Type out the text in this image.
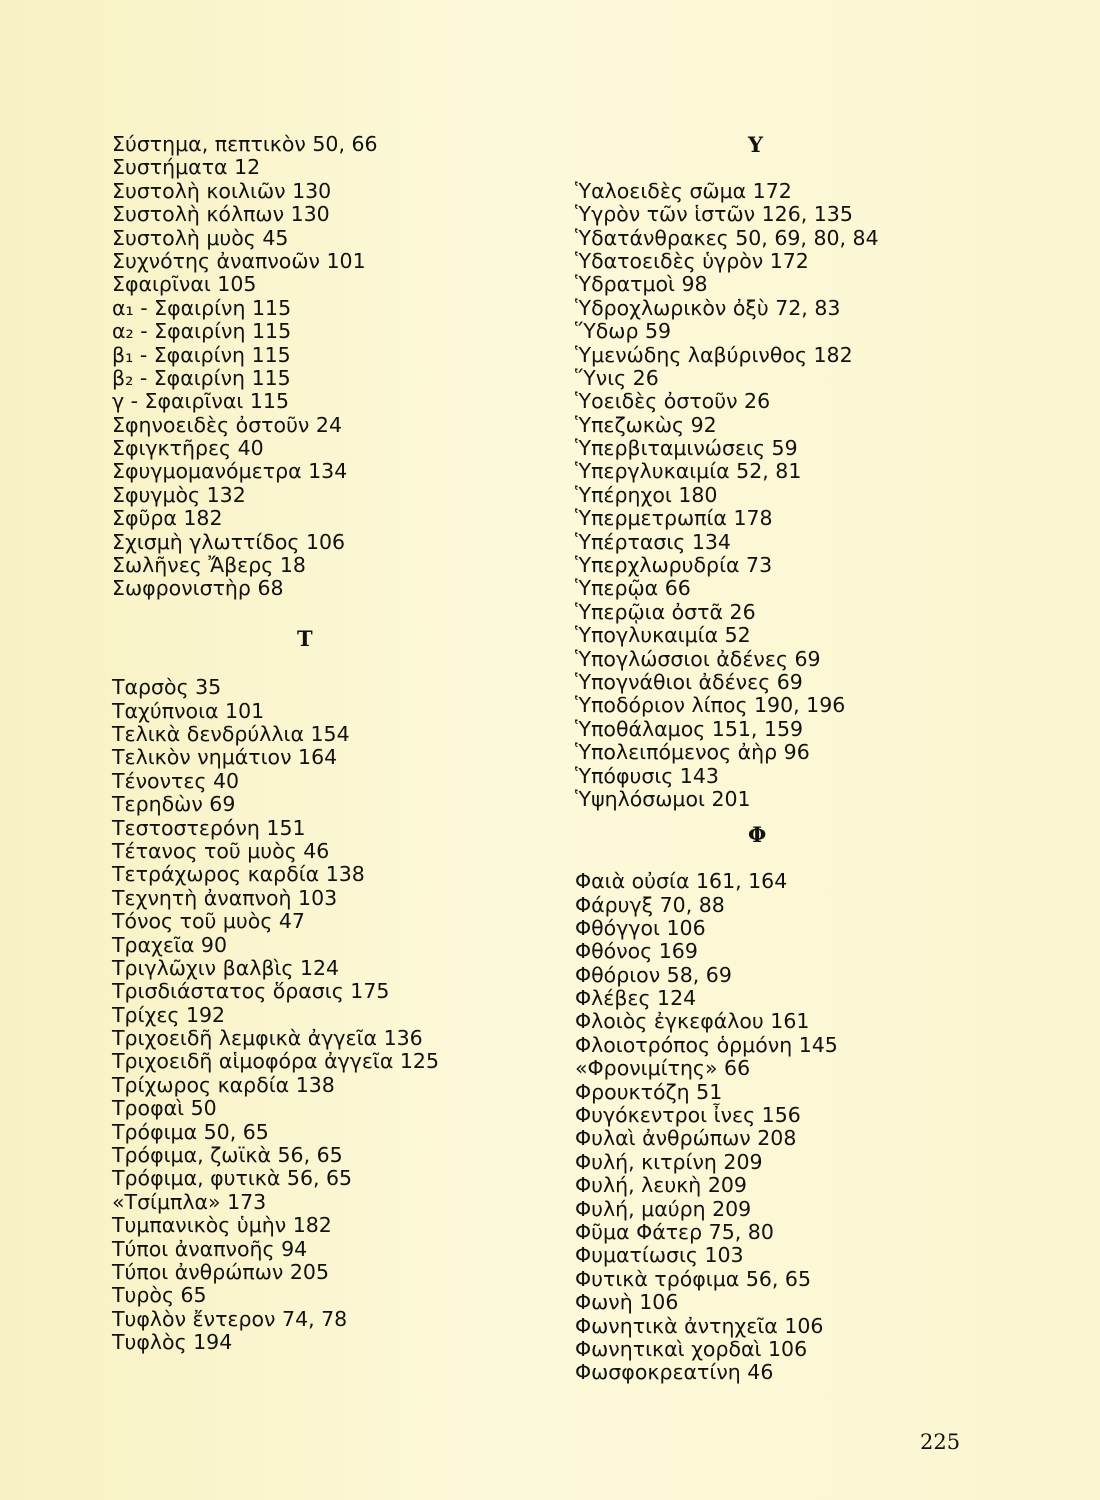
Σύστημα, πεπτικὸν 50, 66
Συστήματα 12
Συστολὴ κοιλιῶν 130
Συστολὴ κόλπων 130
Συστολὴ μυὸς 45
Συχνότης ἀναπνοῶν 101
Σφαιρῖναι 105
α₁ - Σφαιρίνη 115
α₂ - Σφαιρίνη 115
β₁ - Σφαιρίνη 115
β₂ - Σφαιρίνη 115
γ - Σφαιρῖναι 115
Σφηνοειδὲς ὀστοῦν 24
Σφιγκτῆρες 40
Σφυγμομανόμετρα 134
Σφυγμὸς 132
Σφῦρα 182
Σχισμὴ γλωττίδος 106
Σωλῆνες Ἄβερς 18
Σωφρονιστὴρ 68
Τ
Ταρσὸς 35
Ταχύπνοια 101
Τελικὰ δενδρύλλια 154
Τελικὸν νημάτιον 164
Τένοντες 40
Τερηδὼν 69
Τεστοστερόνη 151
Τέτανος τοῦ μυὸς 46
Τετράχωρος καρδία 138
Τεχνητὴ ἀναπνοὴ 103
Τόνος τοῦ μυὸς 47
Τραχεῖα 90
Τριγλῶχιν βαλβὶς 124
Τρισδιάστατος ὅρασις 175
Τρίχες 192
Τριχοειδῆ λεμφικὰ ἀγγεῖα 136
Τριχοειδῆ αἱμοφόρα ἀγγεῖα 125
Τρίχωρος καρδία 138
Τροφαὶ 50
Τρόφιμα 50, 65
Τρόφιμα, ζωϊκὰ 56, 65
Τρόφιμα, φυτικὰ 56, 65
«Τσίμπλα» 173
Τυμπανικὸς ὑμὴν 182
Τύποι ἀναπνοῆς 94
Τύποι ἀνθρώπων 205
Τυρὸς 65
Τυφλὸν ἔντερον 74, 78
Τυφλὸς 194
Υ
Ὑαλοειδὲς σῶμα 172
Ὑγρὸν τῶν ἱστῶν 126, 135
Ὑδατάνθρακες 50, 69, 80, 84
Ὑδατοειδὲς ὑγρὸν 172
Ὑδρατμοὶ 98
Ὑδροχλωρικὸν ὀξὺ 72, 83
Ὕδωρ 59
Ὑμενώδης λαβύρινθος 182
Ὕνις 26
Ὑοειδὲς ὀστοῦν 26
Ὑπεζωκὼς 92
Ὑπερβιταμινώσεις 59
Ὑπεργλυκαιμία 52, 81
Ὑπέρηχοι 180
Ὑπερμετρωπία 178
Ὑπέρτασις 134
Ὑπερχλωρυδρία 73
Ὑπερῷα 66
Ὑπερῷια ὀστᾶ 26
Ὑπογλυκαιμία 52
Ὑπογλώσσιοι ἀδένες 69
Ὑπογνάθιοι ἀδένες 69
Ὑποδόριον λίπος 190, 196
Ὑποθάλαμος 151, 159
Ὑπολειπόμενος ἀὴρ 96
Ὑπόφυσις 143
Ὑψηλόσωμοι 201
Φ
Φαιὰ οὐσία 161, 164
Φάρυγξ 70, 88
Φθόγγοι 106
Φθόνος 169
Φθόριον 58, 69
Φλέβες 124
Φλοιὸς ἐγκεφάλου 161
Φλοιοτρόπος ὁρμόνη 145
«Φρονιμίτης» 66
Φρουκτόζη 51
Φυγόκεντροι ἶνες 156
Φυλαὶ ἀνθρώπων 208
Φυλή, κιτρίνη 209
Φυλή, λευκὴ 209
Φυλή, μαύρη 209
Φῦμα Φάτερ 75, 80
Φυματίωσις 103
Φυτικὰ τρόφιμα 56, 65
Φωνὴ 106
Φωνητικὰ ἀντηχεῖα 106
Φωνητικαὶ χορδαὶ 106
Φωσφοκρεατίνη 46
225
